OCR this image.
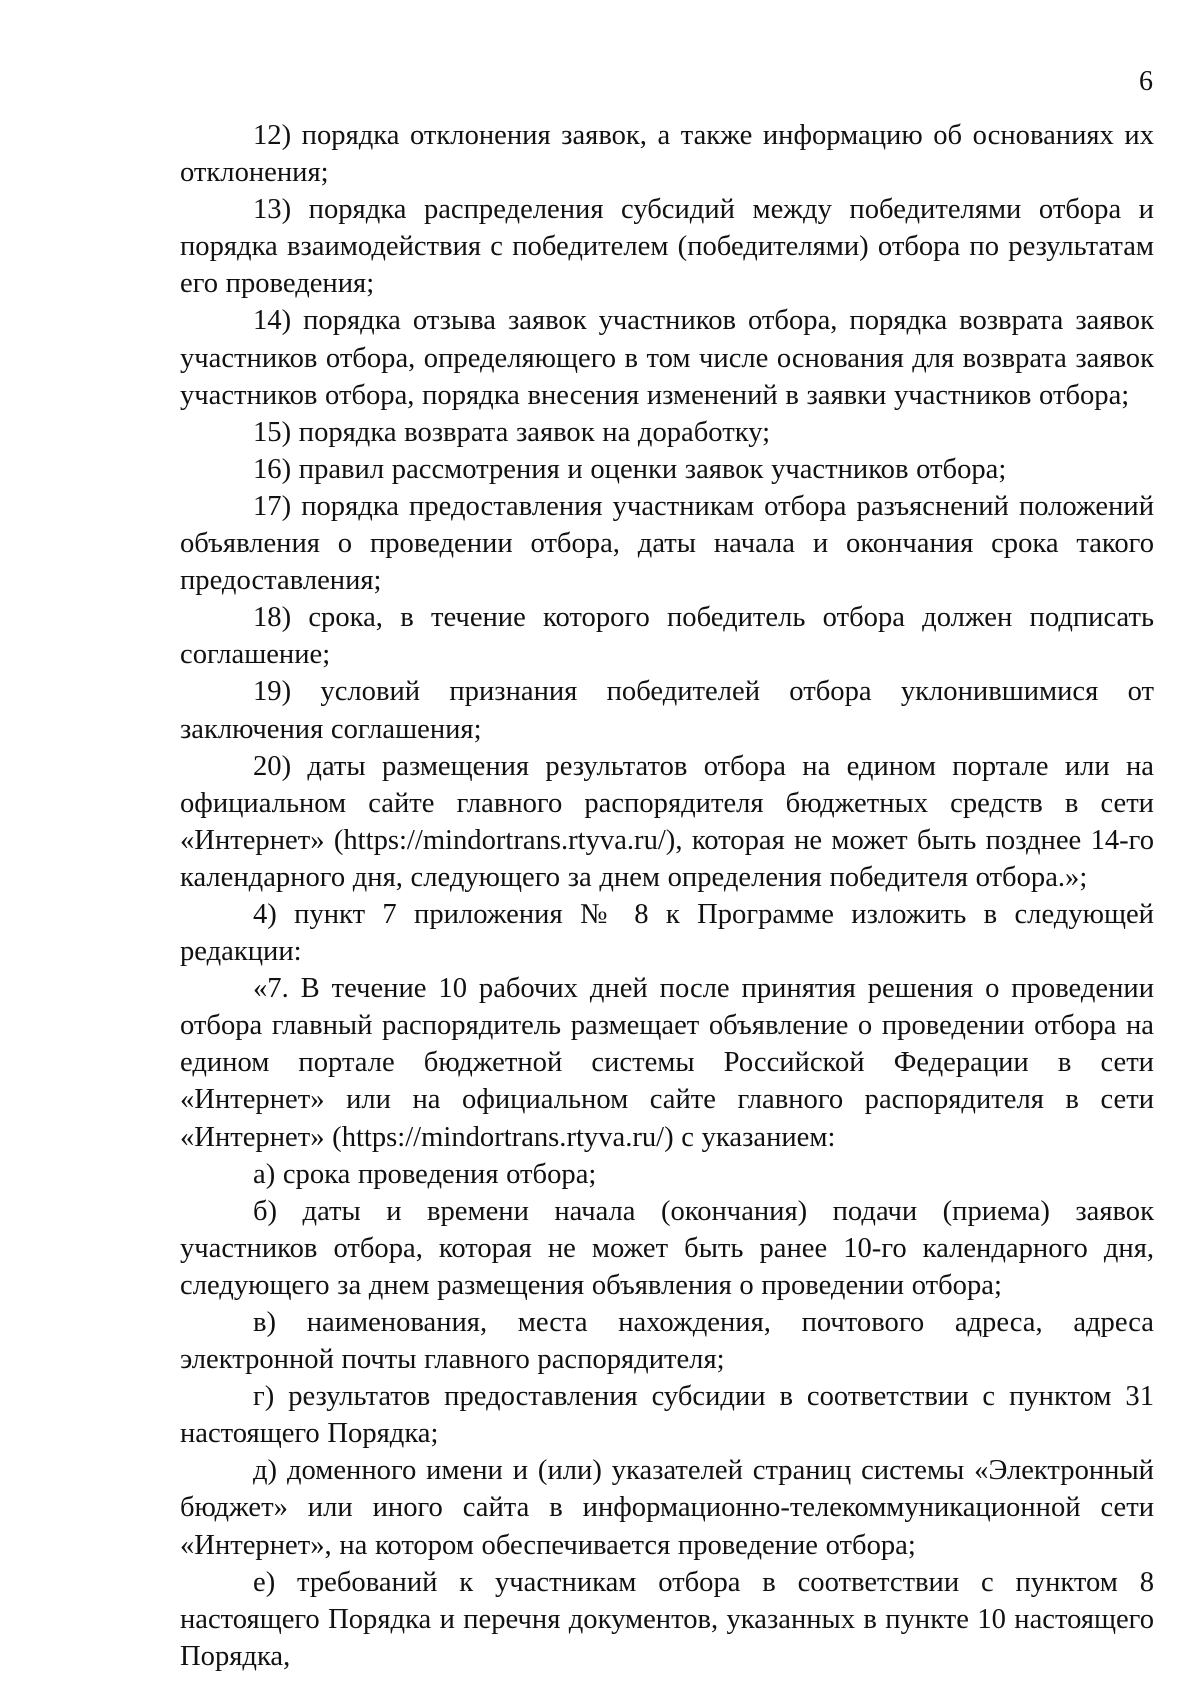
6

12) порядка отклонения заявок, а также информацию об основаниях их отклонения;

13) порядка распределения субсидий между победителями отбора и порядка взаимодействия с победителем (победителями) отбора по результатам его проведения;

14) порядка отзыва заявок участников отбора, порядка возврата заявок участников отбора, определяющего в том числе основания для возврата заявок участников отбора, порядка внесения изменений в заявки участников отбора;

15) порядка возврата заявок на доработку;

16) правил рассмотрения и оценки заявок участников отбора;

17) порядка предоставления участникам отбора разъяснений положений объявления о проведении отбора, даты начала и окончания срока такого предоставления;

18) срока, в течение которого победитель отбора должен подписать соглашение;

19) условий признания победителей отбора уклонившимися от заключения соглашения;

20) даты размещения результатов отбора на едином портале или на официальном сайте главного распорядителя бюджетных средств в сети «Интернет» (https://mindortrans.rtyva.ru/), которая не может быть позднее 14-го календарного дня, следующего за днем определения победителя отбора.»;

4) пункт 7 приложения № 8 к Программе изложить в следующей редакции:

«7. В течение 10 рабочих дней после принятия решения о проведении отбора главный распорядитель размещает объявление о проведении отбора на едином портале бюджетной системы Российской Федерации в сети «Интернет» или на официальном сайте главного распорядителя в сети «Интернет» (https://mindortrans.rtyva.ru/) с указанием:

а) срока проведения отбора;

б) даты и времени начала (окончания) подачи (приема) заявок участников отбора, которая не может быть ранее 10-го календарного дня, следующего за днем размещения объявления о проведении отбора;

в) наименования, места нахождения, почтового адреса, адреса электронной почты главного распорядителя;

г) результатов предоставления субсидии в соответствии с пунктом 31 настоящего Порядка;

д) доменного имени и (или) указателей страниц системы «Электронный бюджет» или иного сайта в информационно-телекоммуникационной сети «Интернет», на котором обеспечивается проведение отбора;

е) требований к участникам отбора в соответствии с пунктом 8 настоящего Порядка и перечня документов, указанных в пункте 10 настоящего Порядка,
